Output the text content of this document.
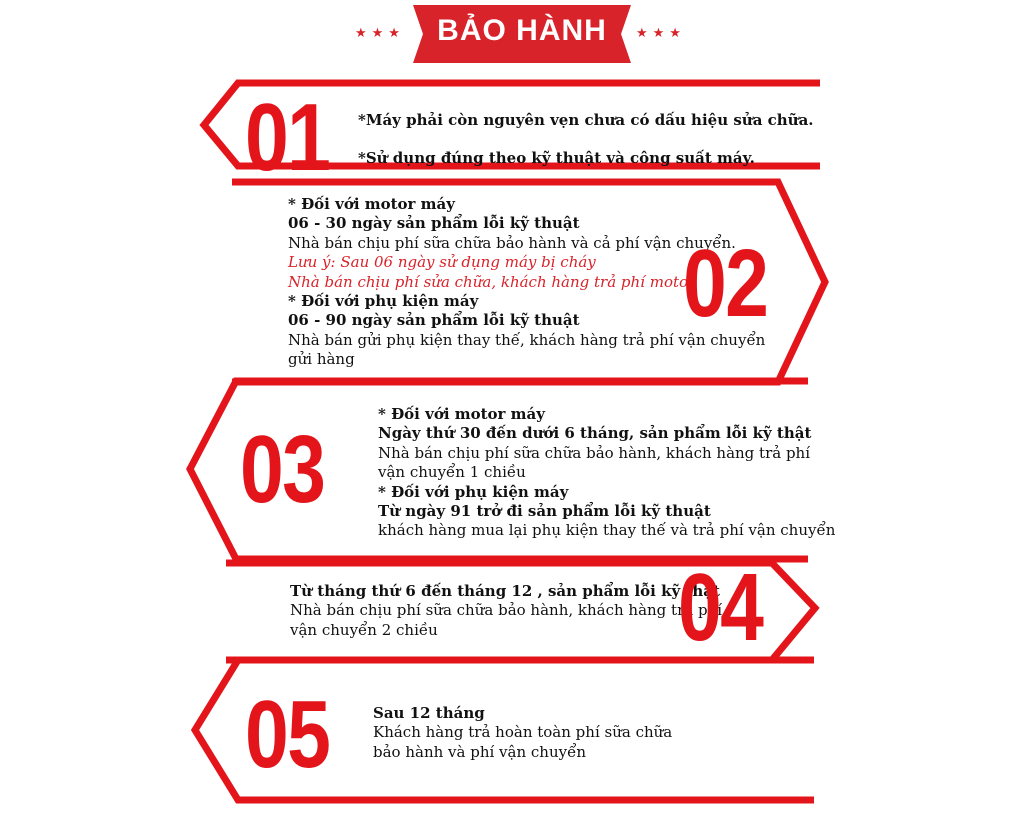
BẢO HÀNH
★★★	★★★
01 *Máy phải còn nguyên vẹn chưa có dấu hiệu sửa chữa.
*Sử dụng đúng theo kỹ thuật và công suất máy.
* Đối với motor máy
06 - 30 ngày sản phẩm lỗi kỹ thuật
Nhà bán chịu phí sữa chữa bảo hành và cả phí vận chuyển.
Lưu ý: Sau 06 ngày sử dụng máy bị cháy
Nhà bán chịu phí sửa chữa, khách hàng trả phí motor
* Đối với phụ kiện máy
06 - 90 ngày sản phẩm lỗi kỹ thuật
Nhà bán gửi phụ kiện thay thế, khách hàng trả phí vận chuyển
gửi hàng
02
03
* Đối với motor máy
Ngày thứ 30 đến dưới 6 tháng, sản phẩm lỗi kỹ thật
Nhà bán chịu phí sữa chữa bảo hành, khách hàng trả phí
vận chuyển 1 chiều
* Đối với phụ kiện máy
Từ ngày 91 trở đi sản phẩm lỗi kỹ thuật
khách hàng mua lại phụ kiện thay thế và trả phí vận chuyển
Từ tháng thứ 6 đến tháng 12 , sản phẩm lỗi kỹ thật
Nhà bán chịu phí sữa chữa bảo hành, khách hàng trả phí
vận chuyển 2 chiều	04
05	Sau 12 tháng
Khách hàng trả hoàn toàn phí sữa chữa
bảo hành và phí vận chuyển
